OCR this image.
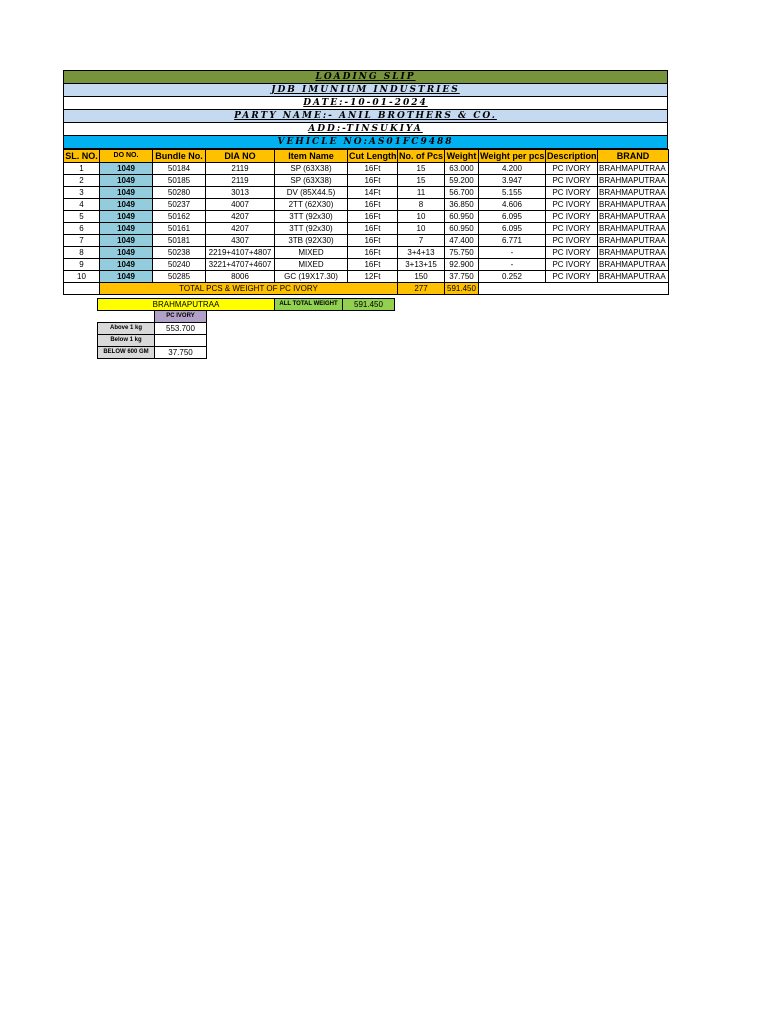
LOADING SLIP
JDB IMUNIUM INDUSTRIES
DATE:-10-01-2024
PARTY NAME:- ANIL BROTHERS & CO.
ADD:-TINSUKIYA
VEHICLE NO:AS01FC9488
SL. NO.	DO NO.	Bundle No.	DIA NO	Item Name	Cut Length	No. of Pcs	Weight	Weight per pcs	Description	BRAND
1	1049	50184	2119	SP (63X38)	16Ft	15	63.000	4.200	PC IVORY	BRAHMAPUTRAA
2	1049	50185	2119	SP (63X38)	16Ft	15	59.200	3.947	PC IVORY	BRAHMAPUTRAA
3	1049	50280	3013	DV (85X44.5)	14Ft	11	56.700	5.155	PC IVORY	BRAHMAPUTRAA
4	1049	50237	4007	2TT (62X30)	16Ft	8	36.850	4.606	PC IVORY	BRAHMAPUTRAA
5	1049	50162	4207	3TT (92x30)	16Ft	10	60.950	6.095	PC IVORY	BRAHMAPUTRAA
6	1049	50161	4207	3TT (92x30)	16Ft	10	60.950	6.095	PC IVORY	BRAHMAPUTRAA
7	1049	50181	4307	3TB (92X30)	16Ft	7	47.400	6.771	PC IVORY	BRAHMAPUTRAA
8	1049	50238	2219+4107+4807	MIXED	16Ft	3+4+13	75.750	-	PC IVORY	BRAHMAPUTRAA
9	1049	50240	3221+4707+4607	MIXED	16Ft	3+13+15	92.900	-	PC IVORY	BRAHMAPUTRAA
10	1049	50285	8006	GC (19X17.30)	12Ft	150	37.750	0.252	PC IVORY	BRAHMAPUTRAA
	TOTAL PCS & WEIGHT OF PC IVORY					277	591.450			
BRAHMAPUTRAA			ALL TOTAL WEIGHT	591.450
	PC IVORY			
Above 1 kg	553.700			
Below 1 kg				
BELOW 600 GM	37.750			
